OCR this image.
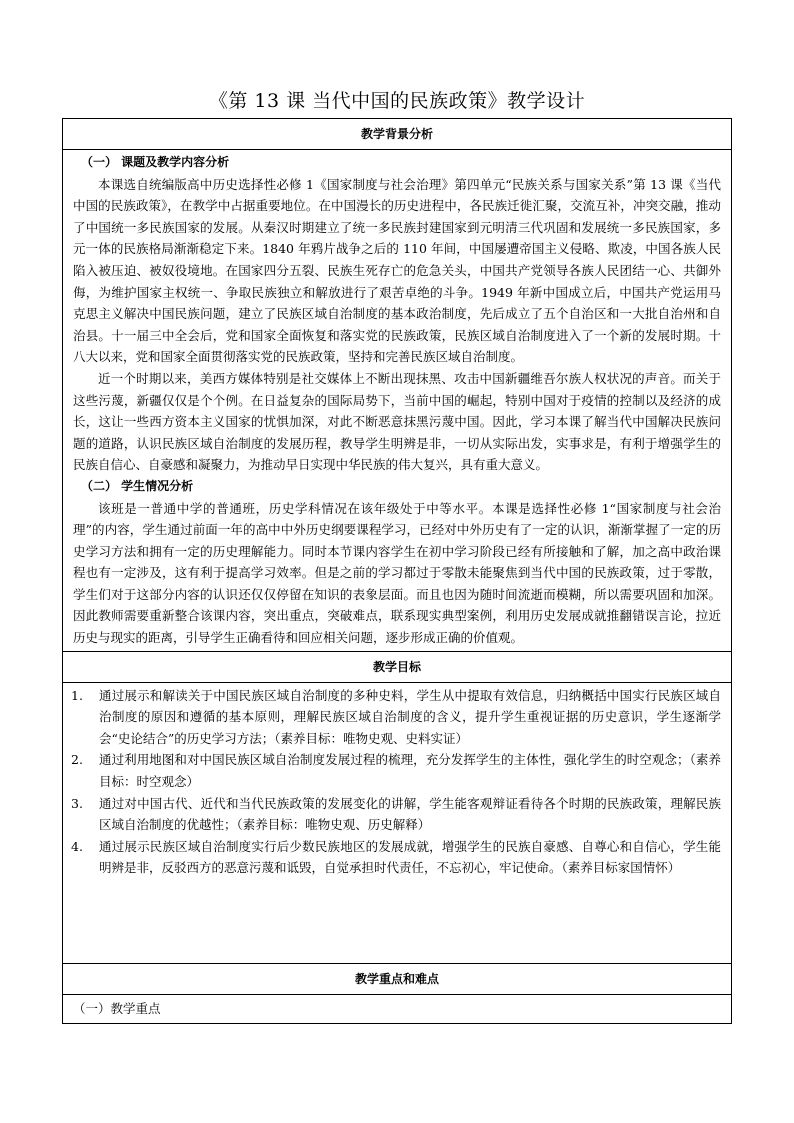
《第 13 课 当代中国的民族政策》教学设计
教学背景分析

（一） 课题及教学内容分析

本课选自统编版高中历史选择性必修 1《国家制度与社会治理》第四单元“民族关系与国家关系”第 13 课《当代中国的民族政策》，在教学中占据重要地位。在中国漫长的历史进程中，各民族迁徙汇聚，交流互补，冲突交融，推动了中国统一多民族国家的发展。从秦汉时期建立了统一多民族封建国家到元明清三代巩固和发展统一多民族国家，多元一体的民族格局渐渐稳定下来。1840 年鸦片战争之后的 110 年间，中国屡遭帝国主义侵略、欺凌，中国各族人民陷入被压迫、被奴役境地。在国家四分五裂、民族生死存亡的危急关头，中国共产党领导各族人民团结一心、共御外侮，为维护国家主权统一、争取民族独立和解放进行了艰苦卓绝的斗争。1949 年新中国成立后，中国共产党运用马克思主义解决中国民族问题，建立了民族区域自治制度的基本政治制度，先后成立了五个自治区和一大批自治州和自治县。十一届三中全会后，党和国家全面恢复和落实党的民族政策，民族区域自治制度进入了一个新的发展时期。十八大以来，党和国家全面贯彻落实党的民族政策，坚持和完善民族区域自治制度。

近一个时期以来，美西方媒体特别是社交媒体上不断出现抹黑、攻击中国新疆维吾尔族人权状况的声音。而关于这些污蔑，新疆仅仅是个个例。在日益复杂的国际局势下，当前中国的崛起，特别中国对于疫情的控制以及经济的成长，这让一些西方资本主义国家的忧惧加深，对此不断恶意抹黑污蔑中国。因此，学习本课了解当代中国解决民族问题的道路，认识民族区域自治制度的发展历程，教导学生明辨是非，一切从实际出发，实事求是，有利于增强学生的民族自信心、自豪感和凝聚力，为推动早日实现中华民族的伟大复兴，具有重大意义。

（二） 学生情况分析

该班是一普通中学的普通班，历史学科情况在该年级处于中等水平。本课是选择性必修 1“国家制度与社会治理”的内容，学生通过前面一年的高中中外历史纲要课程学习，已经对中外历史有了一定的认识，渐渐掌握了一定的历史学习方法和拥有一定的历史理解能力。同时本节课内容学生在初中学习阶段已经有所接触和了解，加之高中政治课程也有一定涉及，这有利于提高学习效率。但是之前的学习都过于零散未能聚焦到当代中国的民族政策，过于零散，学生们对于这部分内容的认识还仅仅停留在知识的表象层面。而且也因为随时间流逝而模糊，所以需要巩固和加深。因此教师需要重新整合该课内容，突出重点，突破难点，联系现实典型案例，利用历史发展成就推翻错误言论，拉近历史与现实的距离，引导学生正确看待和回应相关问题，逐步形成正确的价值观。

教学目标

1. 通过展示和解读关于中国民族区域自治制度的多种史料，学生从中提取有效信息，归纳概括中国实行民族区域自治制度的原因和遵循的基本原则，理解民族区域自治制度的含义，提升学生重视证据的历史意识，学生逐渐学会“史论结合”的历史学习方法；（素养目标：唯物史观、史料实证）
2. 通过利用地图和对中国民族区域自治制度发展过程的梳理，充分发挥学生的主体性，强化学生的时空观念；（素养目标：时空观念）
3. 通过对中国古代、近代和当代民族政策的发展变化的讲解，学生能客观辩证看待各个时期的民族政策，理解民族区域自治制度的优越性；（素养目标：唯物史观、历史解释）
4. 通过展示民族区域自治制度实行后少数民族地区的发展成就，增强学生的民族自豪感、自尊心和自信心，学生能明辨是非，反驳西方的恶意污蔑和诋毁，自觉承担时代责任，不忘初心，牢记使命。（素养目标家国情怀）

教学重点和难点
（一）教学重点
